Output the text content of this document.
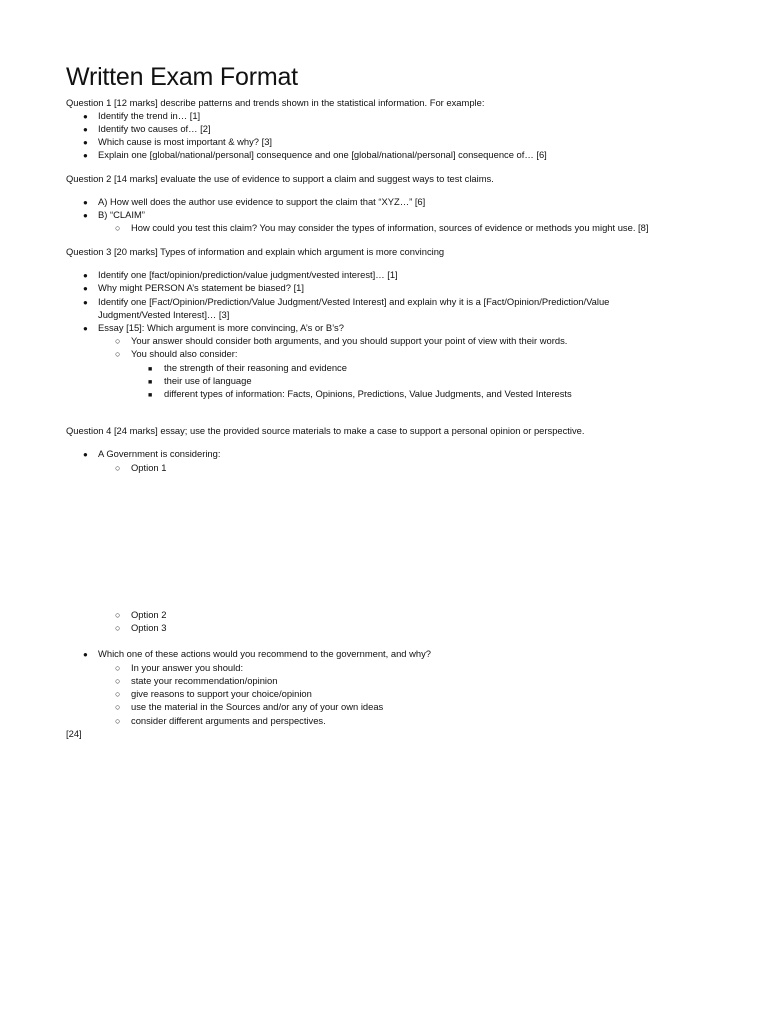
Written Exam Format
Question 1 [12 marks] describe patterns and trends shown in the statistical information. For example:
●
Identify the trend in… [1]
●
Identify two causes of… [2]
●
Which cause is most important & why? [3]
●
Explain one [global/national/personal] consequence and one [global/national/personal] consequence of… [6]
Question 2 [14 marks] evaluate the use of evidence to support a claim and suggest ways to test claims.
●
A) How well does the author use evidence to support the claim that “XYZ…” [6]
●
B) “CLAIM”
○
How could you test this claim? You may consider the types of information, sources of evidence or methods you might use. [8]
Question 3 [20 marks] Types of information and explain which argument is more convincing
●
Identify one [fact/opinion/prediction/value judgment/vested interest]… [1]
●
Why might PERSON A’s statement be biased? [1]
●
Identify one [Fact/Opinion/Prediction/Value Judgment/Vested Interest] and explain why it is a [Fact/Opinion/Prediction/Value
Judgment/Vested Interest]… [3]
●
Essay [15]: Which argument is more convincing, A’s or B’s?
○
Your answer should consider both arguments, and you should support your point of view with their words.
○
You should also consider:
■
the strength of their reasoning and evidence
■
their use of language
■
different types of information: Facts, Opinions, Predictions, Value Judgments, and Vested Interests
Question 4 [24 marks] essay; use the provided source materials to make a case to support a personal opinion or perspective.
●
A Government is considering:
○
Option 1
○
Option 2
○
Option 3
●
Which one of these actions would you recommend to the government, and why?
○
In your answer you should:
○
state your recommendation/opinion
○
give reasons to support your choice/opinion
○
use the material in the Sources and/or any of your own ideas
○
consider different arguments and perspectives.
[24]
